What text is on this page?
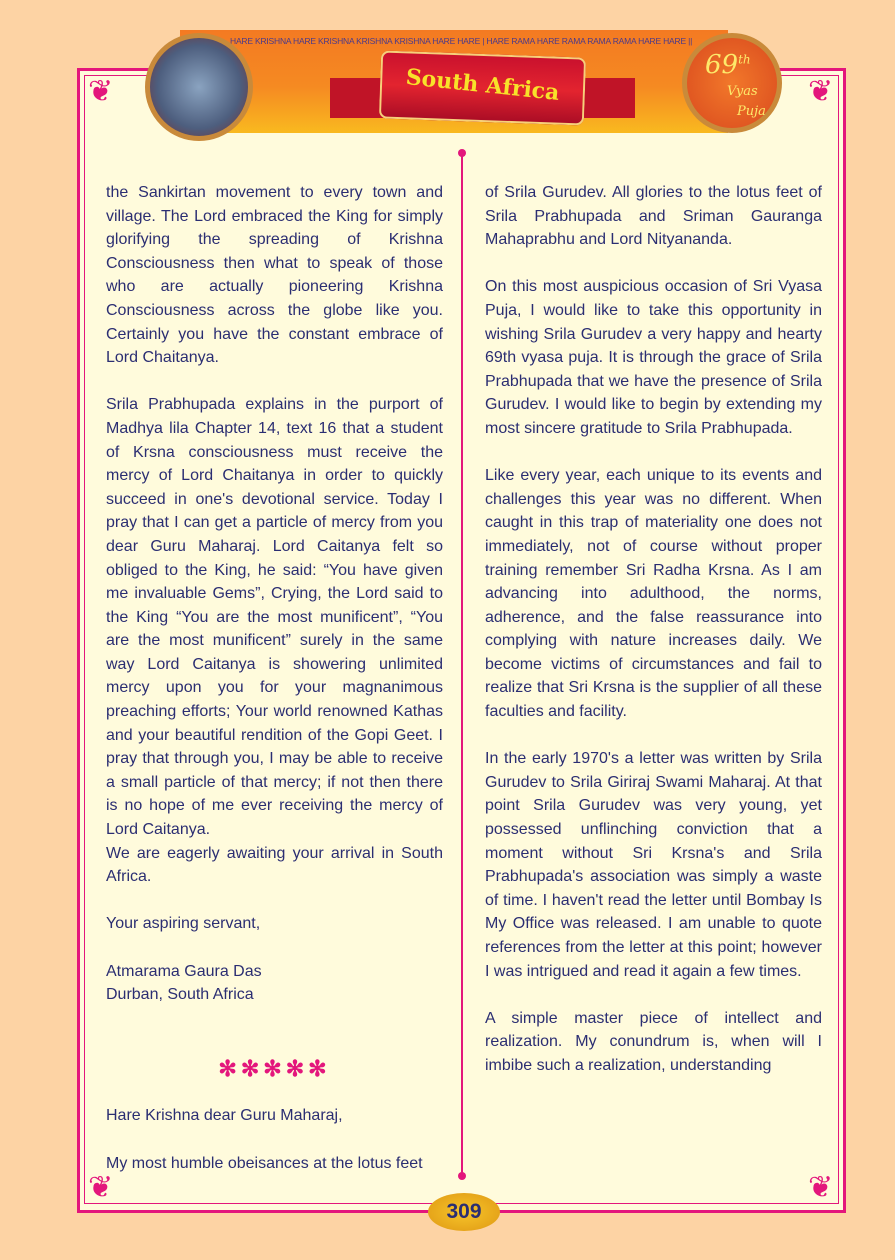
❦	❦
❦	❦
HARE KRISHNA HARE KRISHNA KRISHNA KRISHNA HARE HARE | HARE RAMA HARE RAMA RAMA RAMA HARE HARE ||
South Africa	69th
Vyas
Puja

the Sankirtan movement to every town and village. The Lord embraced the King for simply glorifying the spreading of Krishna Consciousness then what to speak of those who are actually pioneering Krishna Consciousness across the globe like you. Certainly you have the constant embrace of Lord Chaitanya.

Srila Prabhupada explains in the purport of Madhya lila Chapter 14, text 16 that a student of Krsna consciousness must receive the mercy of Lord Chaitanya in order to quickly succeed in one's devotional service. Today I pray that I can get a particle of mercy from you dear Guru Maharaj. Lord Caitanya felt so obliged to the King, he said: “You have given me invaluable Gems”, Crying, the Lord said to the King “You are the most munificent”, “You are the most munificent” surely in the same way Lord Caitanya is showering unlimited mercy upon you for your magnanimous preaching efforts; Your world renowned Kathas and your beautiful rendition of the Gopi Geet. I pray that through you, I may be able to receive a small particle of that mercy; if not then there is no hope of me ever receiving the mercy of Lord Caitanya.

We are eagerly awaiting your arrival in South Africa.

Your aspiring servant,

Atmarama Gaura Das

Durban, South Africa

✻✻✻✻✻

Hare Krishna dear Guru Maharaj,

My most humble obeisances at the lotus feet

of Srila Gurudev. All glories to the lotus feet of Srila Prabhupada and Sriman Gauranga Mahaprabhu and Lord Nityananda.

On this most auspicious occasion of Sri Vyasa Puja, I would like to take this opportunity in wishing Srila Gurudev a very happy and hearty 69th vyasa puja. It is through the grace of Srila Prabhupada that we have the presence of Srila Gurudev. I would like to begin by extending my most sincere gratitude to Srila Prabhupada.

Like every year, each unique to its events and challenges this year was no different. When caught in this trap of materiality one does not immediately, not of course without proper training remember Sri Radha Krsna. As I am advancing into adulthood, the norms, adherence, and the false reassurance into complying with nature increases daily. We become victims of circumstances and fail to realize that Sri Krsna is the supplier of all these faculties and facility.

In the early 1970's a letter was written by Srila Gurudev to Srila Giriraj Swami Maharaj. At that point Srila Gurudev was very young, yet possessed unflinching conviction that a moment without Sri Krsna's and Srila Prabhupada's association was simply a waste of time. I haven't read the letter until Bombay Is My Office was released. I am unable to quote references from the letter at this point; however I was intrigued and read it again a few times.

A simple master piece of intellect and realization. My conundrum is, when will I imbibe such a realization, understanding

309
